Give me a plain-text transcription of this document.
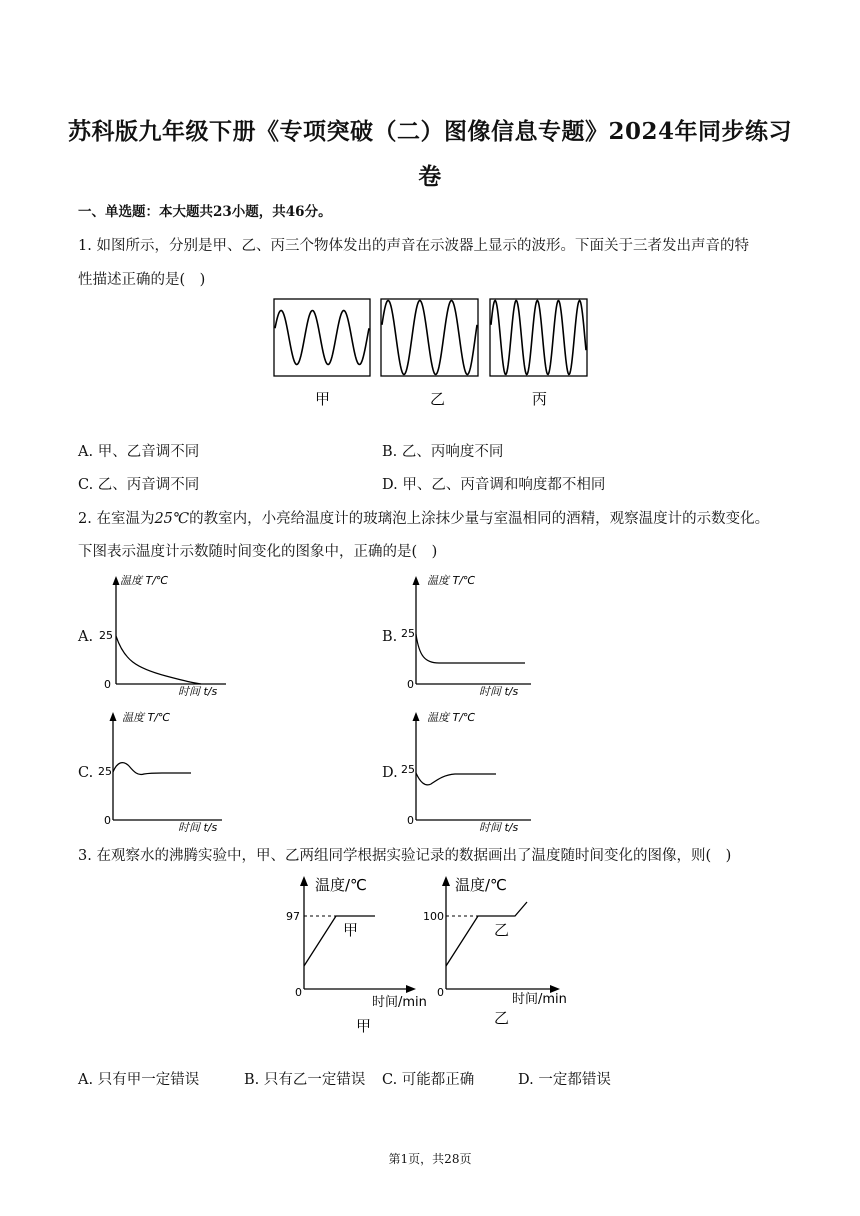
苏科版九年级下册《专项突破（二）图像信息专题》2024年同步练习
卷
一、单选题：本大题共23小题，共46分。
1. 如图所示，分别是甲、乙、丙三个物体发出的声音在示波器上显示的波形。下面关于三者发出声音的特
性描述正确的是(　)
甲	乙	丙
A. 甲、乙音调不同	B. 乙、丙响度不同
C. 乙、丙音调不同	D. 甲、乙、丙音调和响度都不相同
2. 在室温为25℃的教室内，小亮给温度计的玻璃泡上涂抹少量与室温相同的酒精，观察温度计的示数变化。
下图表示温度计示数随时间变化的图象中，正确的是(　)
A.	B.
C.	D.
温度 T/℃
时间 t/s
25
0
温度 T/℃
时间 t/s
25
0
温度 T/℃
时间 t/s
25
0
温度 T/℃
时间 t/s
25
0
3. 在观察水的沸腾实验中，甲、乙两组同学根据实验记录的数据画出了温度随时间变化的图像，则(　)
温度/℃
时间/min
97
0
甲
甲
温度/℃
时间/min
100
0
乙
乙
A. 只有甲一定错误	B. 只有乙一定错误 C. 可能都正确	D. 一定都错误
第1页，共28页
